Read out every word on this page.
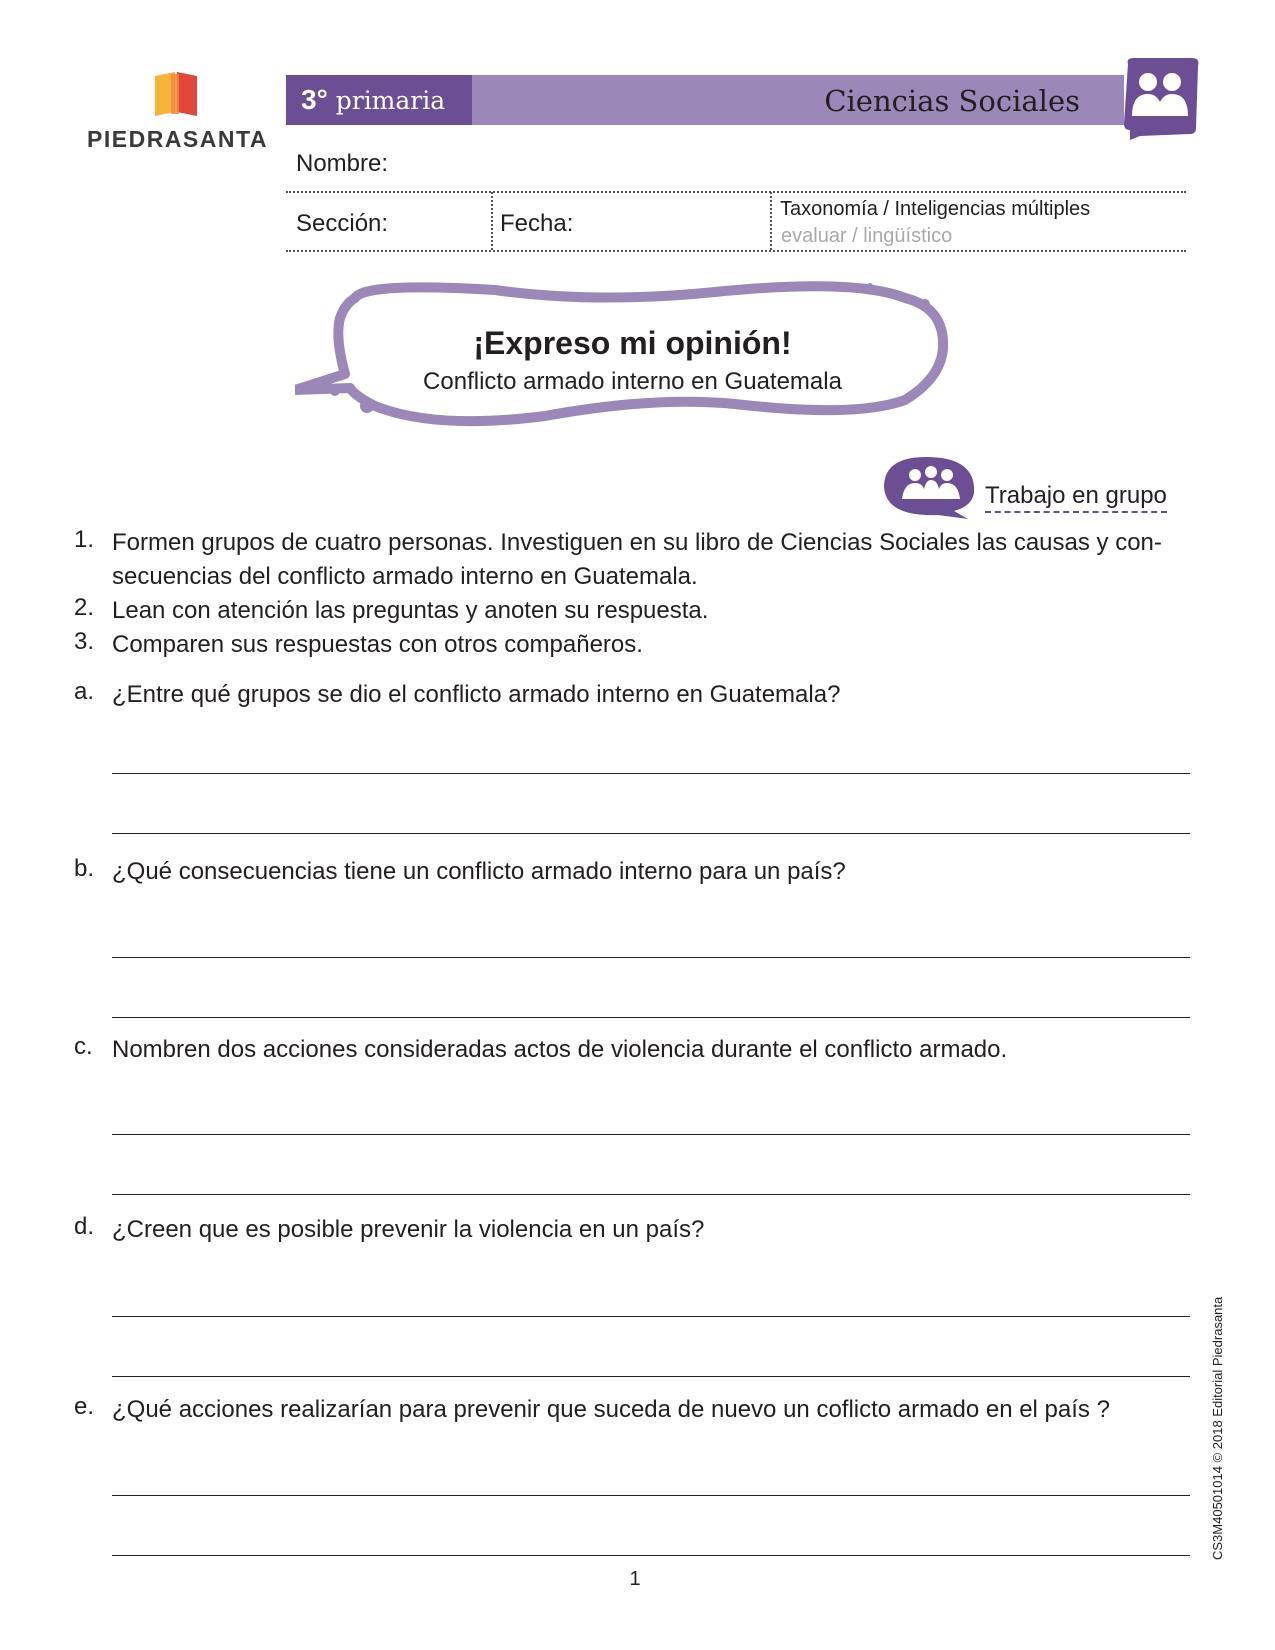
PIEDRASANTA
3° primaria	Ciencias Sociales
Nombre:
Sección:	Fecha:
Taxonomía / Inteligencias múltiples
evaluar / lingüístico
¡Expreso mi opinión!
Conflicto armado interno en Guatemala
Trabajo en grupo
1. Formen grupos de cuatro personas. Investiguen en su libro de Ciencias Sociales las causas y con-secuencias del conflicto armado interno en Guatemala.
2. Lean con atención las preguntas y anoten su respuesta.
3. Comparen sus respuestas con otros compañeros.
a. ¿Entre qué grupos se dio el conflicto armado interno en Guatemala?
b. ¿Qué consecuencias tiene un conflicto armado interno para un país?
c. Nombren dos acciones consideradas actos de violencia durante el conflicto armado.
d. ¿Creen que es posible prevenir la violencia en un país?
e. ¿Qué acciones realizarían para prevenir que suceda de nuevo un coflicto armado en el país ?
1
CS3M40501014 © 2018 Editorial Piedrasanta
